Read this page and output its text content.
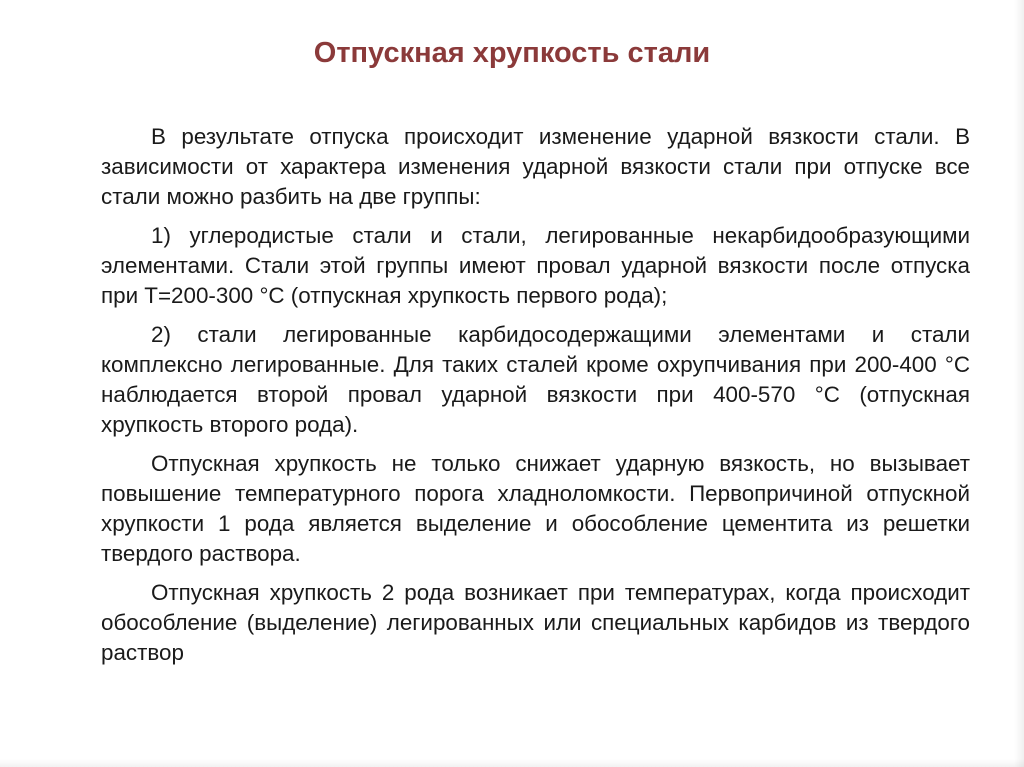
Отпускная хрупкость стали

В результате отпуска происходит изменение ударной вязкости стали. В зависимости от характера изменения ударной вязкости стали при отпуске все стали можно разбить на две группы:

1) углеродистые стали и стали, легированные некарбидообразующими элементами. Стали этой группы имеют провал ударной вязкости после отпуска при Т=200-300 °С (отпускная хрупкость первого рода);

2) стали легированные карбидосодержащими элементами и стали комплексно легированные. Для таких сталей кроме охрупчивания при 200-400 °С наблюдается второй провал ударной вязкости при 400-570 °С (отпускная хрупкость второго рода).

Отпускная хрупкость не только снижает ударную вязкость, но вызывает повышение температурного порога хладноломкости. Первопричиной отпускной хрупкости 1 рода является выделение и обособление цементита из решетки твердого раствора.

Отпускная хрупкость 2 рода возникает при температурах, когда происходит обособление (выделение) легированных или специальных карбидов из твердого раствор
